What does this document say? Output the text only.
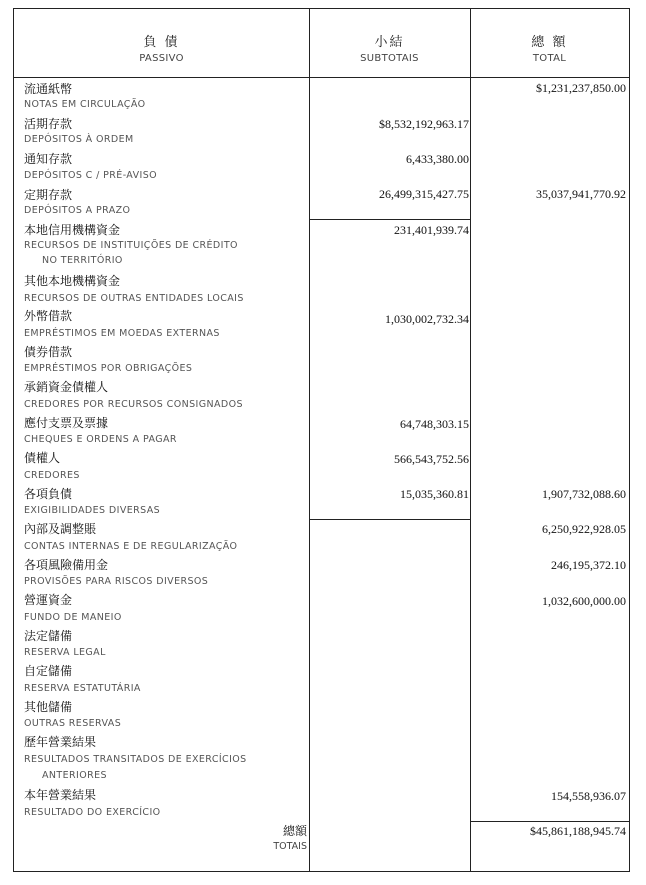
負 債
PASSIVO
小結
SUBTOTAIS
總 額
TOTAL
流通紙幣
NOTAS EM CIRCULAÇÃO
$1,231,237,850.00
活期存款
DEPÓSITOS À ORDEM
$8,532,192,963.17
通知存款
DEPÓSITOS C / PRÉ-AVISO
6,433,380.00
定期存款
DEPÓSITOS A PRAZO
26,499,315,427.75	35,037,941,770.92
本地信用機構資金
RECURSOS DE INSTITUIÇÕES DE CRÉDITO
NO TERRITÓRIO
231,401,939.74
其他本地機構資金
RECURSOS DE OUTRAS ENTIDADES LOCAIS
外幣借款
EMPRÉSTIMOS EM MOEDAS EXTERNAS
1,030,002,732.34
債券借款
EMPRÉSTIMOS POR OBRIGAÇÕES
承銷資金債權人
CREDORES POR RECURSOS CONSIGNADOS
應付支票及票據
CHEQUES E ORDENS A PAGAR
64,748,303.15
債權人
CREDORES
566,543,752.56
各項負債
EXIGIBILIDADES DIVERSAS
15,035,360.81	1,907,732,088.60
內部及調整賬
CONTAS INTERNAS E DE REGULARIZAÇÃO
6,250,922,928.05
各項風險備用金
PROVISÕES PARA RISCOS DIVERSOS
246,195,372.10
營運資金
FUNDO DE MANEIO
1,032,600,000.00
法定儲備
RESERVA LEGAL
自定儲備
RESERVA ESTATUTÁRIA
其他儲備
OUTRAS RESERVAS
歷年營業結果
RESULTADOS TRANSITADOS DE EXERCÍCIOS
ANTERIORES
本年營業結果
RESULTADO DO EXERCÍCIO
154,558,936.07
總額
TOTAIS
$45,861,188,945.74
